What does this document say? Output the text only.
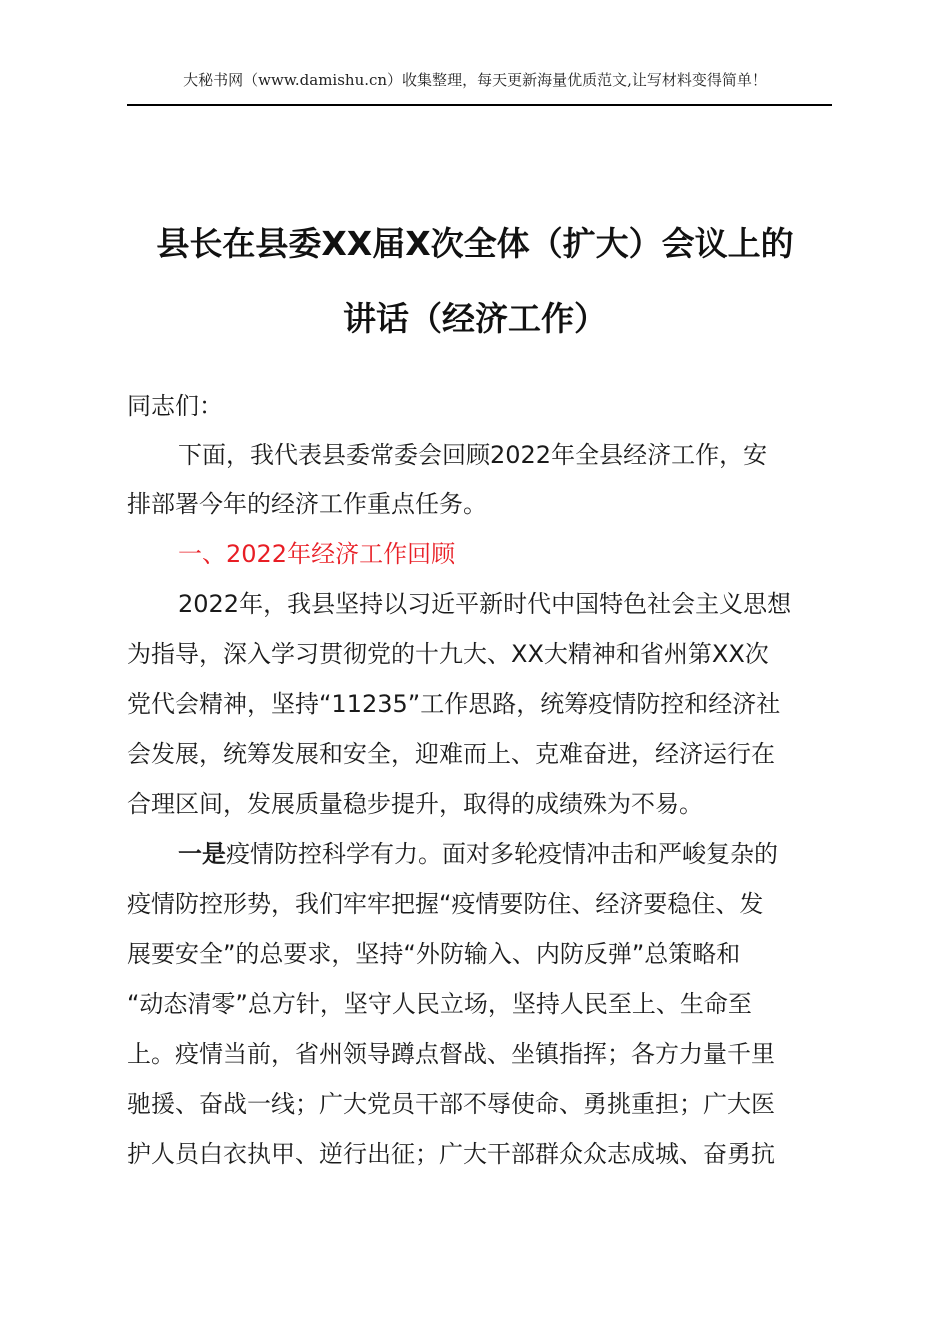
大秘书网（www.damishu.cn）收集整理，每天更新海量优质范文,让写材料变得简单！
县长在县委XX届X次全体（扩大）会议上的
讲话（经济工作）
同志们：
下面，我代表县委常委会回顾2022年全县经济工作，安
排部署今年的经济工作重点任务。
一、2022年经济工作回顾
2022年，我县坚持以习近平新时代中国特色社会主义思想
为指导，深入学习贯彻党的十九大、XX大精神和省州第XX次
党代会精神，坚持“11235”工作思路，统筹疫情防控和经济社
会发展，统筹发展和安全，迎难而上、克难奋进，经济运行在
合理区间，发展质量稳步提升，取得的成绩殊为不易。
一是疫情防控科学有力。面对多轮疫情冲击和严峻复杂的
疫情防控形势，我们牢牢把握“疫情要防住、经济要稳住、发
展要安全”的总要求，坚持“外防输入、内防反弹”总策略和
“动态清零”总方针，坚守人民立场，坚持人民至上、生命至
上。疫情当前，省州领导蹲点督战、坐镇指挥；各方力量千里
驰援、奋战一线；广大党员干部不辱使命、勇挑重担；广大医
护人员白衣执甲、逆行出征；广大干部群众众志成城、奋勇抗
